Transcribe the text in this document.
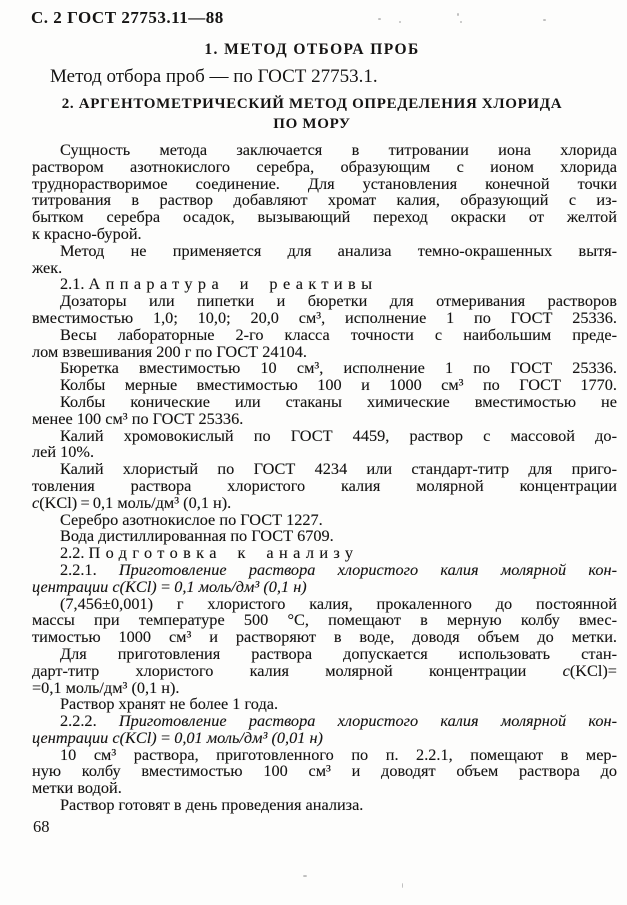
С. 2 ГОСТ 27753.11—88
1. МЕТОД ОТБОРА ПРОБ
Метод отбора проб — по ГОСТ 27753.1.
2. АРГЕНТОМЕТРИЧЕСКИЙ МЕТОД ОПРЕДЕЛЕНИЯ ХЛОРИДА
ПО МОРУ
Сущность метода заключается в титровании иона хлорида
раствором азотнокислого серебра, образующим с ионом хлорида
труднорастворимое соединение. Для установления конечной точки
титрования в раствор добавляют хромат калия, образующий с из-
бытком серебра осадок, вызывающий переход окраски от желтой
к красно-бурой.
Метод не применяется для анализа темно-окрашенных вытя-
жек.
2.1. Аппаратура и реактивы
Дозаторы или пипетки и бюретки для отмеривания растворов
вместимостью 1,0; 10,0; 20,0 см³, исполнение 1 по ГОСТ 25336.
Весы лабораторные 2-го класса точности с наибольшим преде-
лом взвешивания 200 г по ГОСТ 24104.
Бюретка вместимостью 10 см³, исполнение 1 по ГОСТ 25336.
Колбы мерные вместимостью 100 и 1000 см³ по ГОСТ 1770.
Колбы конические или стаканы химические вместимостью не
менее 100 см³ по ГОСТ 25336.
Калий хромовокислый по ГОСТ 4459, раствор с массовой до-
лей 10%.
Калий хлористый по ГОСТ 4234 или стандарт-титр для приго-
товления раствора хлористого калия молярной концентрации
с(KCl) = 0,1 моль/дм³ (0,1 н).
Серебро азотнокислое по ГОСТ 1227.
Вода дистиллированная по ГОСТ 6709.
2.2. Подготовка к анализу
2.2.1. Приготовление раствора хлористого калия молярной кон-
центрации с(KCl) = 0,1 моль/дм³ (0,1 н)
(7,456±0,001) г хлористого калия, прокаленного до постоянной
массы при температуре 500 °С, помещают в мерную колбу вмес-
тимостью 1000 см³ и растворяют в воде, доводя объем до метки.
Для приготовления раствора допускается использовать стан-
дарт-титр хлористого калия молярной концентрации с(KCl)=
=0,1 моль/дм³ (0,1 н).
Раствор хранят не более 1 года.
2.2.2. Приготовление раствора хлористого калия молярной кон-
центрации с(KCl) = 0,01 моль/дм³ (0,01 н)
10 см³ раствора, приготовленного по п. 2.2.1, помещают в мер-
ную колбу вместимостью 100 см³ и доводят объем раствора до
метки водой.
Раствор готовят в день проведения анализа.
68
